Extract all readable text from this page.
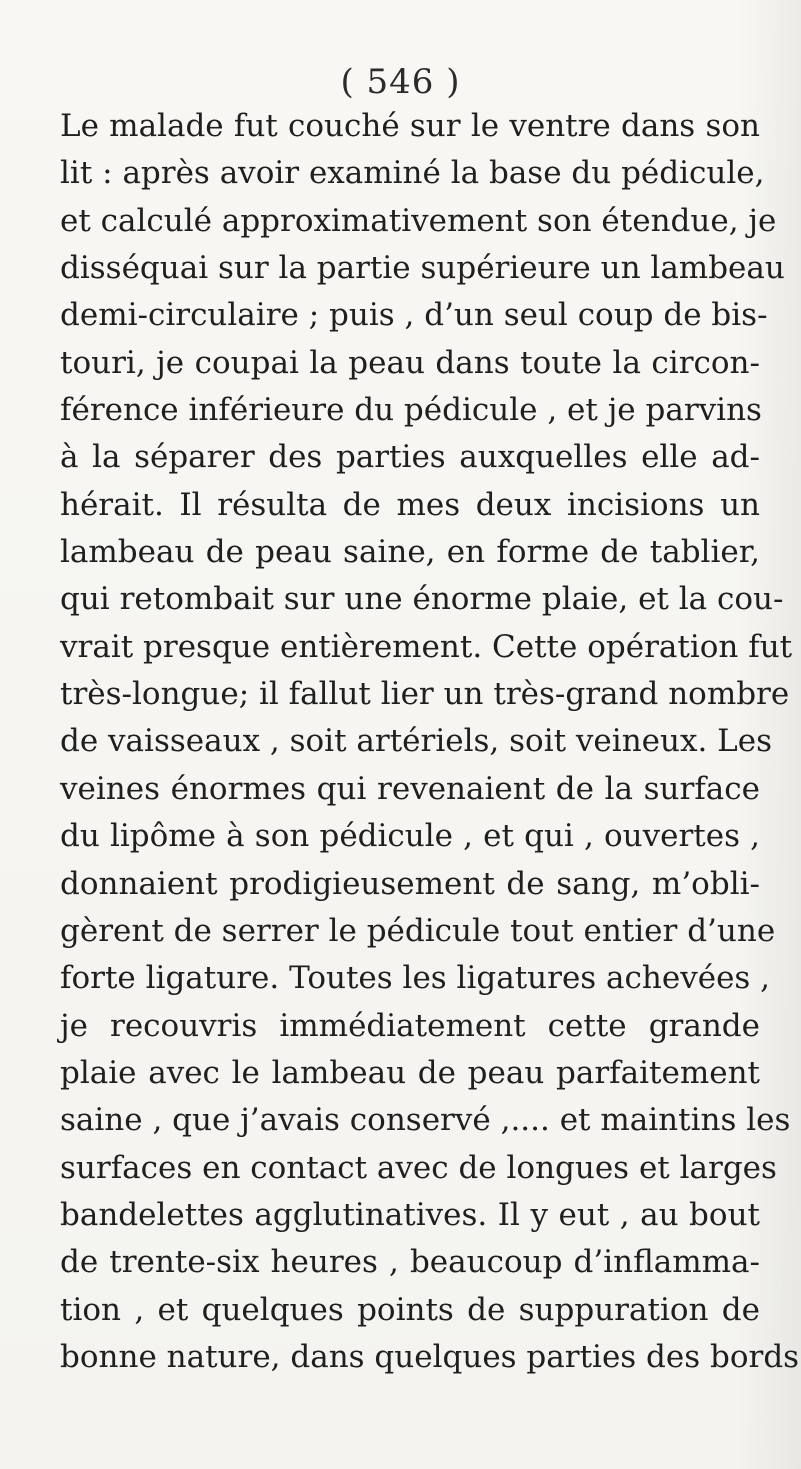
( 546 )
Le malade fut couché sur le ventre dans son
lit : après avoir examiné la base du pédicule,
et calculé approximativement son étendue, je
disséquai sur la partie supérieure un lambeau
demi-circulaire ; puis , d’un seul coup de bis-
touri, je coupai la peau dans toute la circon-
férence inférieure du pédicule , et je parvins
à la séparer des parties auxquelles elle ad-
hérait. Il résulta de mes deux incisions un
lambeau de peau saine, en forme de tablier,
qui retombait sur une énorme plaie, et la cou-
vrait presque entièrement. Cette opération fut
très-longue; il fallut lier un très-grand nombre
de vaisseaux , soit artériels, soit veineux. Les
veines énormes qui revenaient de la surface
du lipôme à son pédicule , et qui , ouvertes ,
donnaient prodigieusement de sang, m’obli-
gèrent de serrer le pédicule tout entier d’une
forte ligature. Toutes les ligatures achevées ,
je recouvris immédiatement cette grande
plaie avec le lambeau de peau parfaitement
saine , que j’avais conservé ,.... et maintins les
surfaces en contact avec de longues et larges
bandelettes agglutinatives. Il y eut , au bout
de trente-six heures , beaucoup d’inflamma-
tion , et quelques points de suppuration de
bonne nature, dans quelques parties des bords
